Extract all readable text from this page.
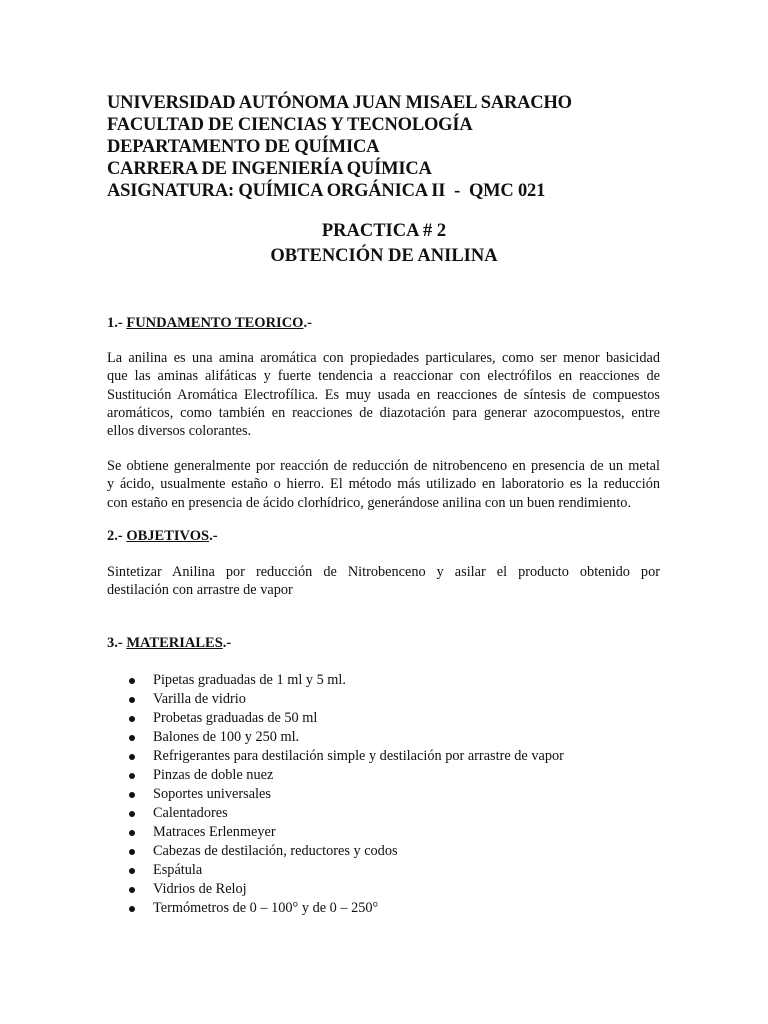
UNIVERSIDAD AUTÓNOMA JUAN MISAEL SARACHO
FACULTAD DE CIENCIAS Y TECNOLOGÍA
DEPARTAMENTO DE QUÍMICA
CARRERA DE INGENIERÍA QUÍMICA
ASIGNATURA: QUÍMICA ORGÁNICA II  -  QMC 021
PRACTICA # 2
OBTENCIÓN DE ANILINA
1.- FUNDAMENTO TEORICO.-
La anilina es una amina aromática con propiedades particulares, como ser menor basicidad
que las aminas alifáticas y fuerte tendencia a reaccionar con electrófilos en reacciones de
Sustitución Aromática Electrofílica. Es muy usada en reacciones de síntesis de compuestos
aromáticos, como también en reacciones de diazotación para generar azocompuestos, entre
ellos diversos colorantes.
Se obtiene generalmente por reacción de reducción de nitrobenceno en presencia de un metal
y ácido, usualmente estaño o hierro. El método más utilizado en laboratorio es la reducción
con estaño en presencia de ácido clorhídrico, generándose anilina con un buen rendimiento.
2.- OBJETIVOS.-
Sintetizar Anilina por reducción de Nitrobenceno y asilar el producto obtenido por
destilación con arrastre de vapor
3.- MATERIALES.-
Pipetas graduadas de 1 ml y 5 ml.
Varilla de vidrio
Probetas graduadas de 50 ml
Balones de 100 y 250 ml.
Refrigerantes para destilación simple y destilación por arrastre de vapor
Pinzas de doble nuez
Soportes universales
Calentadores
Matraces Erlenmeyer
Cabezas de destilación, reductores y codos
Espátula
Vidrios de Reloj
Termómetros de 0 – 100° y de 0 – 250°
